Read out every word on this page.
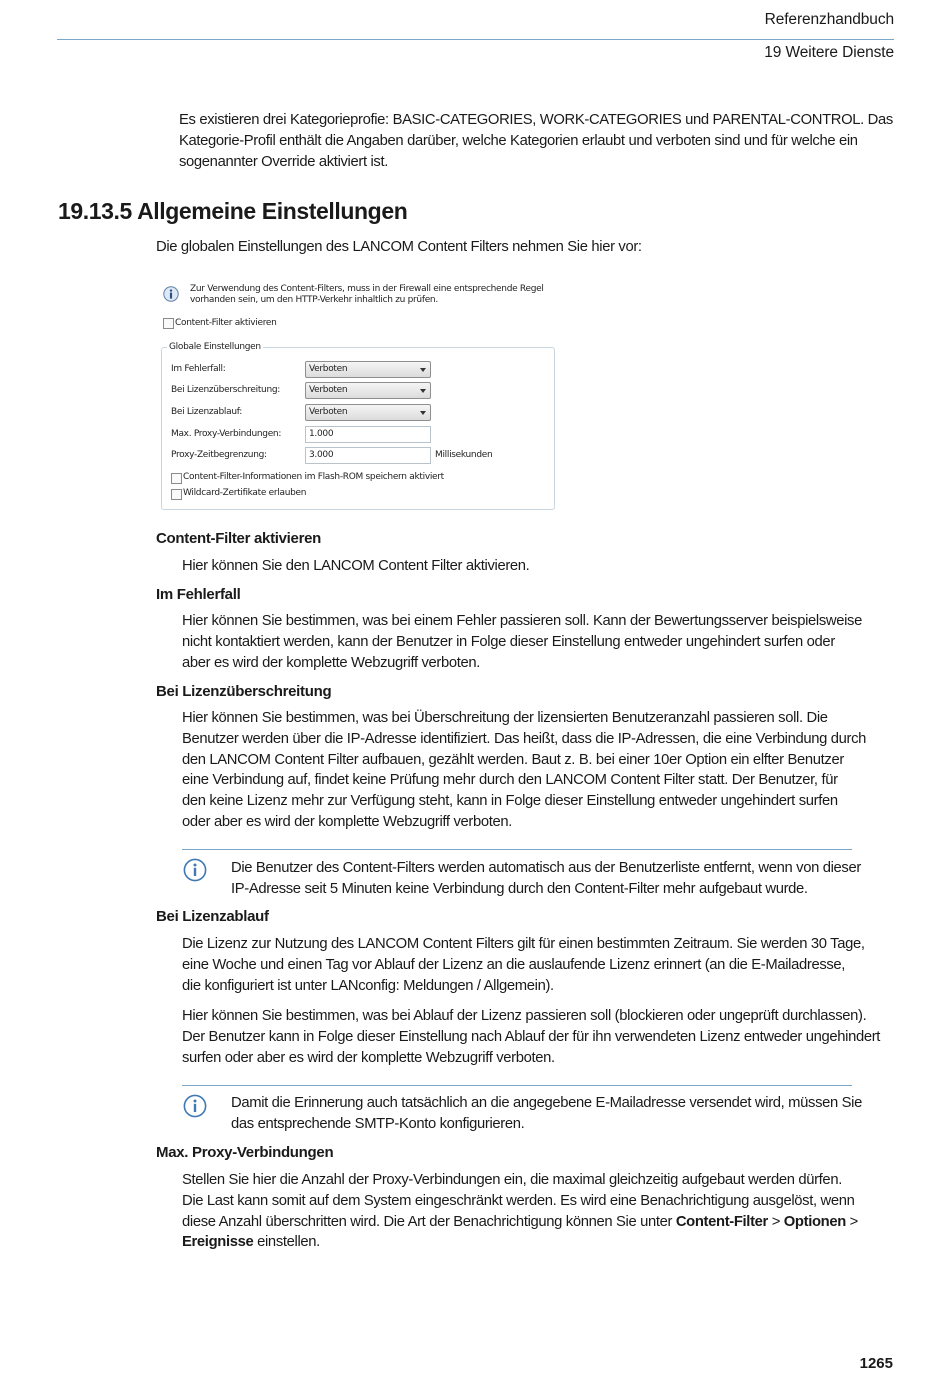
Referenzhandbuch
19 Weitere Dienste

Es existieren drei Kategorieprofie: BASIC-CATEGORIES, WORK-CATEGORIES und PARENTAL-CONTROL. Das

Kategorie-Profil enthält die Angaben darüber, welche Kategorien erlaubt und verboten sind und für welche ein

sogenannter Override aktiviert ist.

19.13.5 Allgemeine Einstellungen
Die globalen Einstellungen des LANCOM Content Filters nehmen Sie hier vor:
Zur Verwendung des Content-Filters, muss in der Firewall eine entsprechende Regel
vorhanden sein, um den HTTP-Verkehr inhaltlich zu prüfen.
Content-Filter aktivieren
Globale Einstellungen
Im Fehlerfall:	Verboten
Bei Lizenzüberschreitung:	Verboten
Bei Lizenzablauf:	Verboten
Max. Proxy-Verbindungen:	1.000
Proxy-Zeitbegrenzung:	3.000	Millisekunden
Content-Filter-Informationen im Flash-ROM speichern aktiviert
Wildcard-Zertifikate erlauben
Content-Filter aktivieren

Hier können Sie den LANCOM Content Filter aktivieren.

Im Fehlerfall

Hier können Sie bestimmen, was bei einem Fehler passieren soll. Kann der Bewertungsserver beispielsweise

nicht kontaktiert werden, kann der Benutzer in Folge dieser Einstellung entweder ungehindert surfen oder

aber es wird der komplette Webzugriff verboten.

Bei Lizenzüberschreitung

Hier können Sie bestimmen, was bei Überschreitung der lizensierten Benutzeranzahl passieren soll. Die

Benutzer werden über die IP-Adresse identifiziert. Das heißt, dass die IP-Adressen, die eine Verbindung durch

den LANCOM Content Filter aufbauen, gezählt werden. Baut z. B. bei einer 10er Option ein elfter Benutzer

eine Verbindung auf, findet keine Prüfung mehr durch den LANCOM Content Filter statt. Der Benutzer, für

den keine Lizenz mehr zur Verfügung steht, kann in Folge dieser Einstellung entweder ungehindert surfen

oder aber es wird der komplette Webzugriff verboten.

Die Benutzer des Content-Filters werden automatisch aus der Benutzerliste entfernt, wenn von dieser

IP-Adresse seit 5 Minuten keine Verbindung durch den Content-Filter mehr aufgebaut wurde.

Bei Lizenzablauf

Die Lizenz zur Nutzung des LANCOM Content Filters gilt für einen bestimmten Zeitraum. Sie werden 30 Tage,

eine Woche und einen Tag vor Ablauf der Lizenz an die auslaufende Lizenz erinnert (an die E-Mailadresse,

die konfiguriert ist unter LANconfig: Meldungen / Allgemein).

Hier können Sie bestimmen, was bei Ablauf der Lizenz passieren soll (blockieren oder ungeprüft durchlassen).

Der Benutzer kann in Folge dieser Einstellung nach Ablauf der für ihn verwendeten Lizenz entweder ungehindert

surfen oder aber es wird der komplette Webzugriff verboten.

Damit die Erinnerung auch tatsächlich an die angegebene E-Mailadresse versendet wird, müssen Sie

das entsprechende SMTP-Konto konfigurieren.

Max. Proxy-Verbindungen

Stellen Sie hier die Anzahl der Proxy-Verbindungen ein, die maximal gleichzeitig aufgebaut werden dürfen.

Die Last kann somit auf dem System eingeschränkt werden. Es wird eine Benachrichtigung ausgelöst, wenn

diese Anzahl überschritten wird. Die Art der Benachrichtigung können Sie unter Content-Filter > Optionen >

Ereignisse einstellen.

1265
